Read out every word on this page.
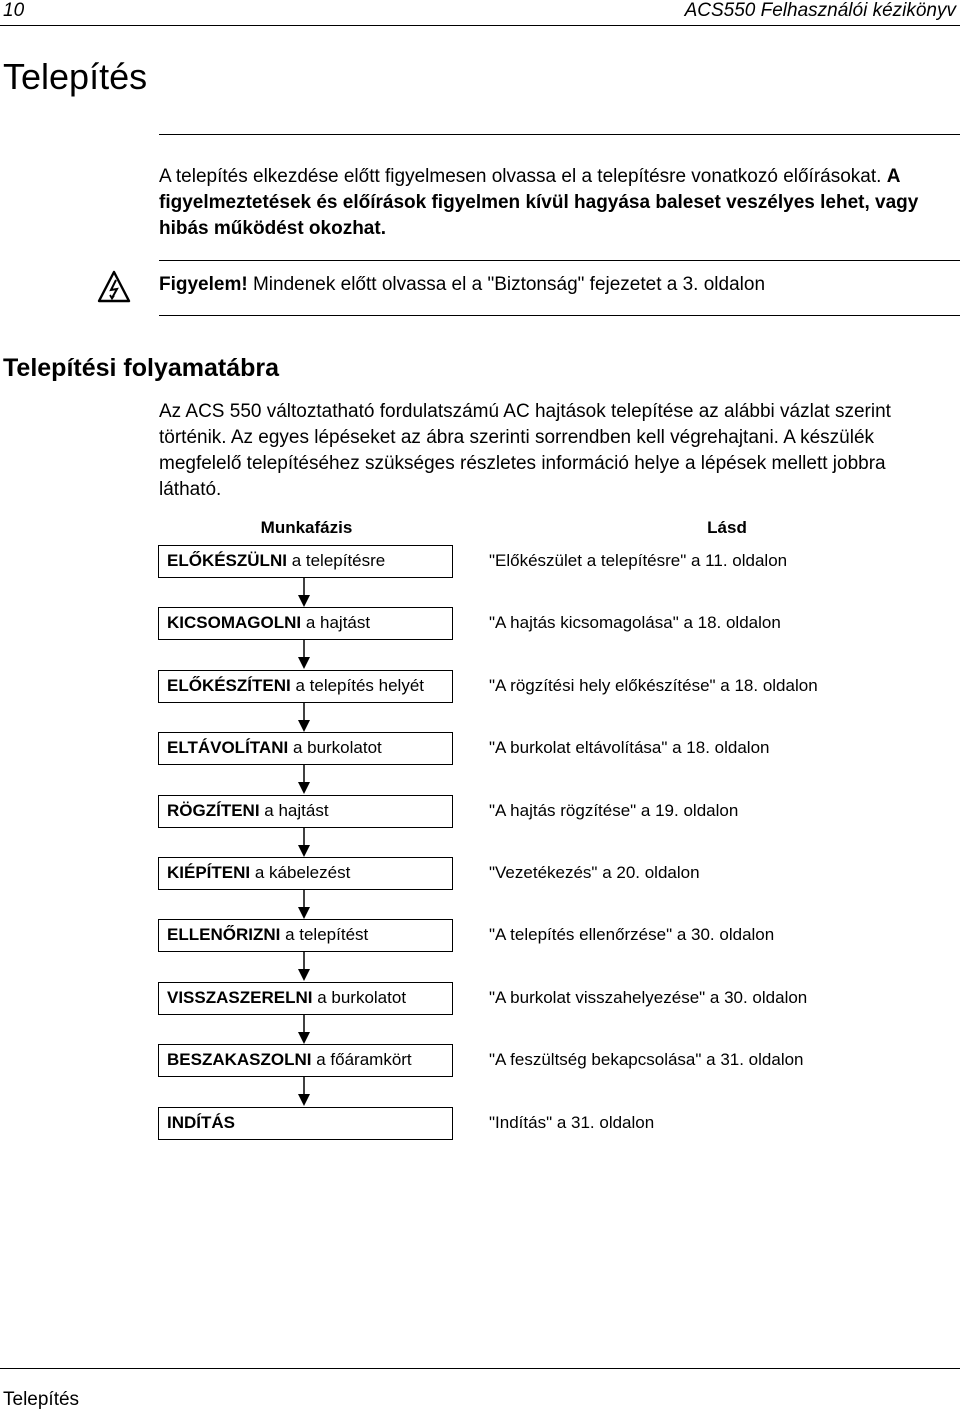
10	ACS550 Felhasználói kézikönyv
Telepítés
A telepítés elkezdése előtt figyelmesen olvassa el a telepítésre vonatkozó előírásokat. A figyelmeztetések és előírások figyelmen kívül hagyása baleset veszélyes lehet, vagy hibás működést okozhat.
Figyelem! Mindenek előtt olvassa el a "Biztonság" fejezetet a 3. oldalon
Telepítési folyamatábra
Az ACS 550 változtatható fordulatszámú AC hajtások telepítése az alábbi vázlat szerint történik. Az egyes lépéseket az ábra szerinti sorrendben kell végrehajtani. A készülék megfelelő telepítéséhez szükséges részletes információ helye a lépések mellett jobbra látható.
Munkafázis	Lásd
ELŐKÉSZÜLNI a telepítésre	"Előkészület a telepítésre" a 11. oldalon
KICSOMAGOLNI a hajtást	"A hajtás kicsomagolása" a 18. oldalon
ELŐKÉSZÍTENI a telepítés helyét	"A rögzítési hely előkészítése" a 18. oldalon
ELTÁVOLÍTANI a burkolatot	"A burkolat eltávolítása" a 18. oldalon
RÖGZÍTENI a hajtást	"A hajtás rögzítése" a 19. oldalon
KIÉPÍTENI a kábelezést	"Vezetékezés" a 20. oldalon
ELLENŐRIZNI a telepítést	"A telepítés ellenőrzése" a 30. oldalon
VISSZASZERELNI a burkolatot	"A burkolat visszahelyezése" a 30. oldalon
BESZAKASZOLNI a főáramkört	"A feszültség bekapcsolása" a 31. oldalon
INDÍTÁS	"Indítás" a 31. oldalon
Telepítés
